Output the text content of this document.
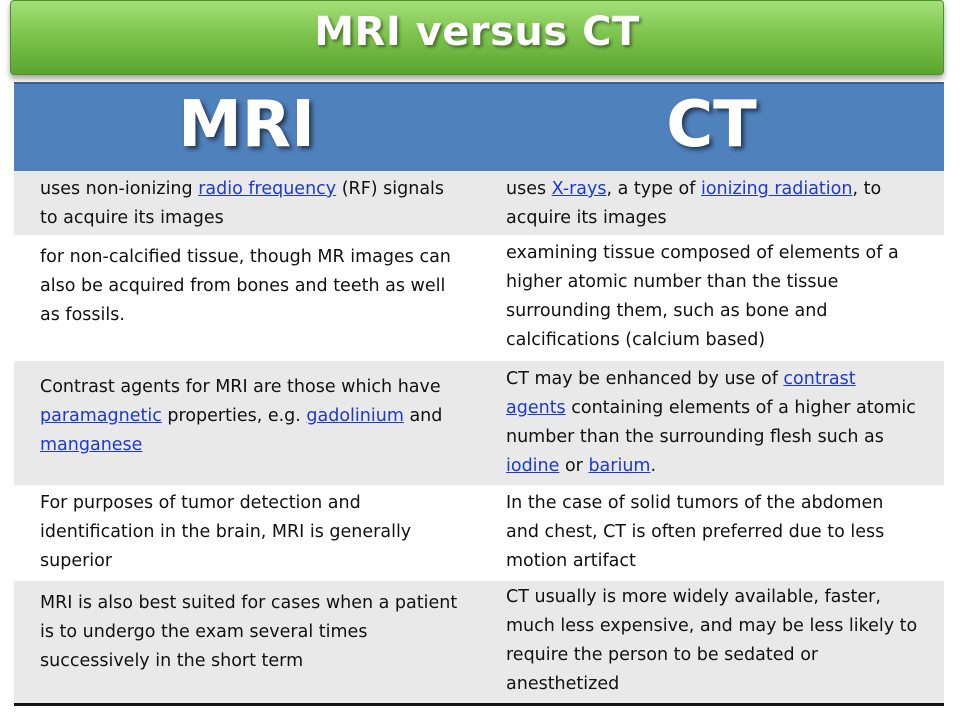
MRI versus CT
MRI	CT
uses non-ionizing radio frequency (RF) signals to acquire its images
uses X-rays, a type of ionizing radiation, to acquire its images
for non-calcified tissue, though MR images can also be acquired from bones and teeth as well as fossils.
examining tissue composed of elements of a higher atomic number than the tissue surrounding them, such as bone and calcifications (calcium based)
Contrast agents for MRI are those which have paramagnetic properties, e.g. gadolinium and manganese
CT may be enhanced by use of contrast agents containing elements of a higher atomic number than the surrounding flesh such as iodine or barium.
For purposes of tumor detection and identification in the brain, MRI is generally superior
In the case of solid tumors of the abdomen and chest, CT is often preferred due to less motion artifact
MRI is also best suited for cases when a patient is to undergo the exam several times successively in the short term
CT usually is more widely available, faster, much less expensive, and may be less likely to require the person to be sedated or anesthetized
